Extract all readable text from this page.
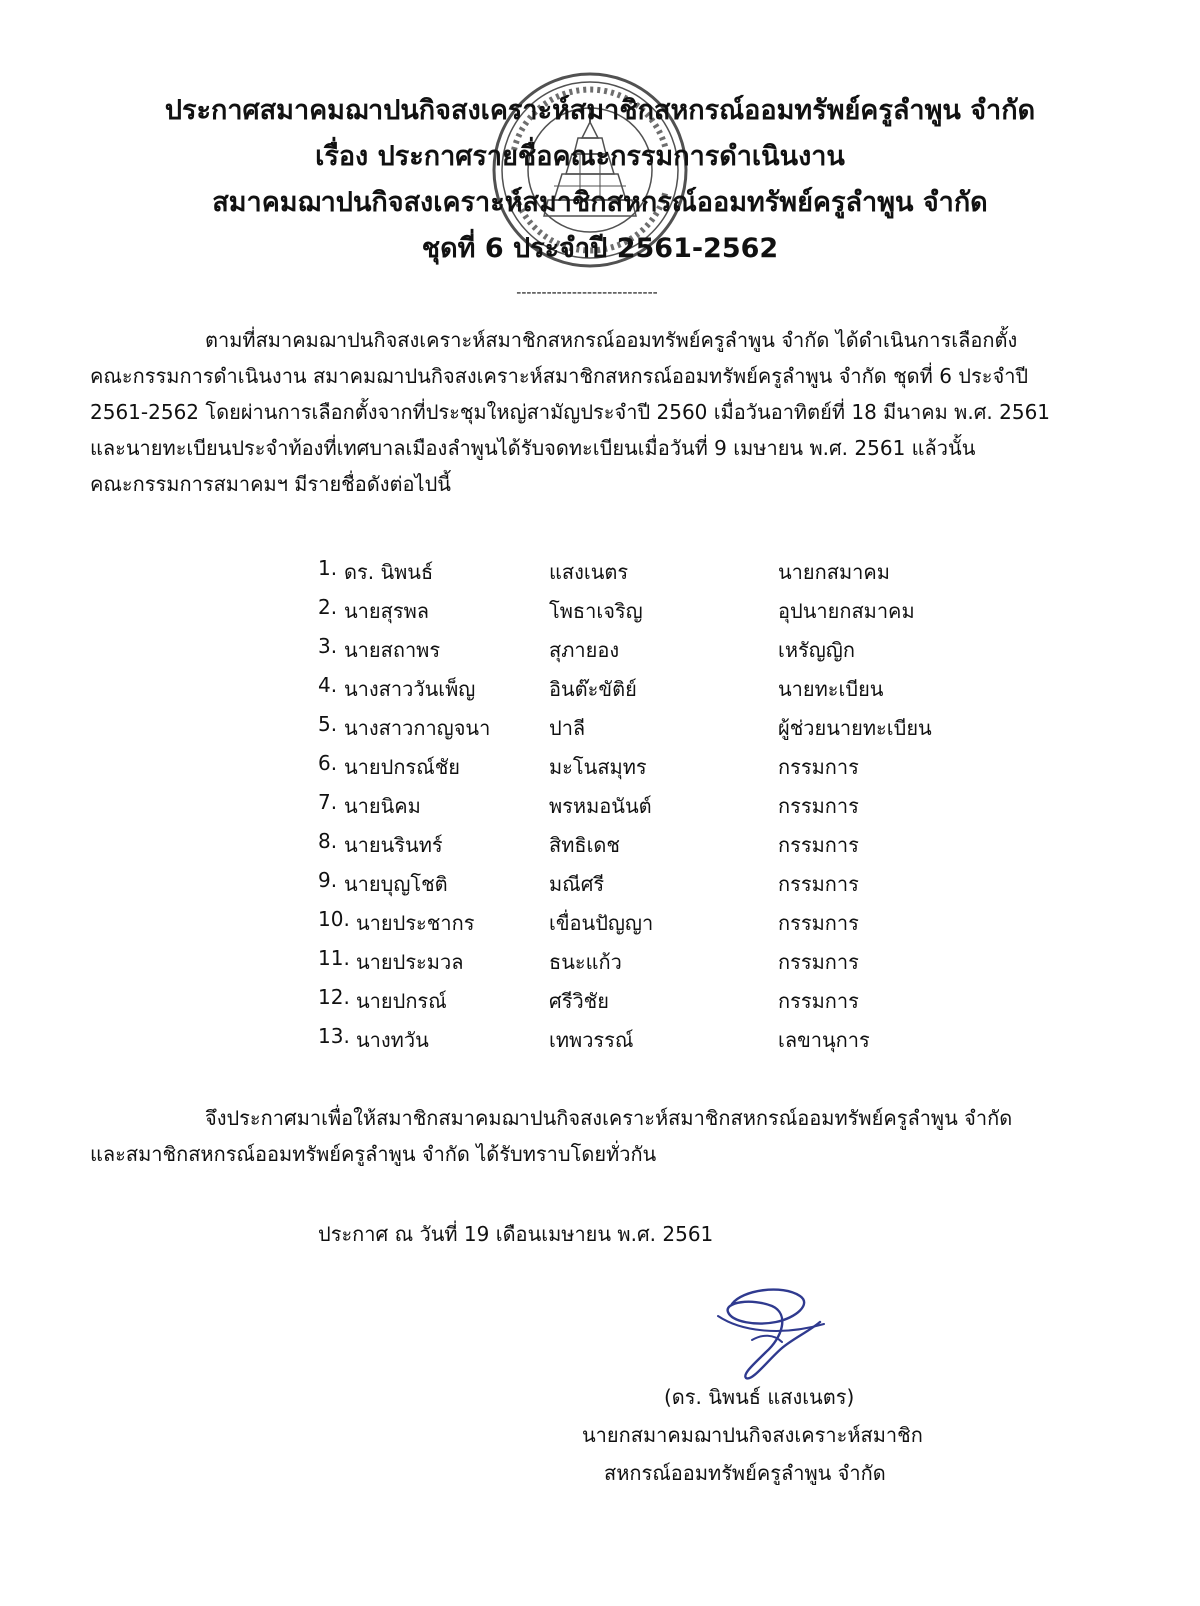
ประกาศสมาคมฌาปนกิจสงเคราะห์สมาชิกสหกรณ์ออมทรัพย์ครูลำพูน จำกัด
เรื่อง ประกาศรายชื่อคณะกรรมการดำเนินงาน
สมาคมฌาปนกิจสงเคราะห์สมาชิกสหกรณ์ออมทรัพย์ครูลำพูน จำกัด
ชุดที่ 6 ประจำปี 2561-2562
----------------------------
ตามที่สมาคมฌาปนกิจสงเคราะห์สมาชิกสหกรณ์ออมทรัพย์ครูลำพูน จำกัด ได้ดำเนินการเลือกตั้ง
คณะกรรมการดำเนินงาน สมาคมฌาปนกิจสงเคราะห์สมาชิกสหกรณ์ออมทรัพย์ครูลำพูน จำกัด ชุดที่ 6 ประจำปี
2561-2562 โดยผ่านการเลือกตั้งจากที่ประชุมใหญ่สามัญประจำปี 2560 เมื่อวันอาทิตย์ที่ 18 มีนาคม พ.ศ. 2561
และนายทะเบียนประจำท้องที่เทศบาลเมืองลำพูนได้รับจดทะเบียนเมื่อวันที่ 9 เมษายน พ.ศ. 2561 แล้วนั้น
คณะกรรมการสมาคมฯ มีรายชื่อดังต่อไปนี้
1. ดร. นิพนธ์	แสงเนตร	นายกสมาคม
2. นายสุรพล	โพธาเจริญ	อุปนายกสมาคม
3. นายสถาพร	สุภายอง	เหรัญญิก
4. นางสาววันเพ็ญ	อินต๊ะขัติย์	นายทะเบียน
5. นางสาวกาญจนา	ปาลี	ผู้ช่วยนายทะเบียน
6. นายปกรณ์ชัย	มะโนสมุทร	กรรมการ
7. นายนิคม	พรหมอนันต์	กรรมการ
8. นายนรินทร์	สิทธิเดช	กรรมการ
9. นายบุญโชติ	มณีศรี	กรรมการ
10. นายประชากร	เขื่อนปัญญา	กรรมการ
11. นายประมวล	ธนะแก้ว	กรรมการ
12. นายปกรณ์	ศรีวิชัย	กรรมการ
13. นางทวัน	เทพวรรณ์	เลขานุการ
จึงประกาศมาเพื่อให้สมาชิกสมาคมฌาปนกิจสงเคราะห์สมาชิกสหกรณ์ออมทรัพย์ครูลำพูน จำกัด
และสมาชิกสหกรณ์ออมทรัพย์ครูลำพูน จำกัด ได้รับทราบโดยทั่วกัน
ประกาศ ณ วันที่ 19 เดือนเมษายน พ.ศ. 2561
(ดร. นิพนธ์ แสงเนตร)
นายกสมาคมฌาปนกิจสงเคราะห์สมาชิก
สหกรณ์ออมทรัพย์ครูลำพูน จำกัด
